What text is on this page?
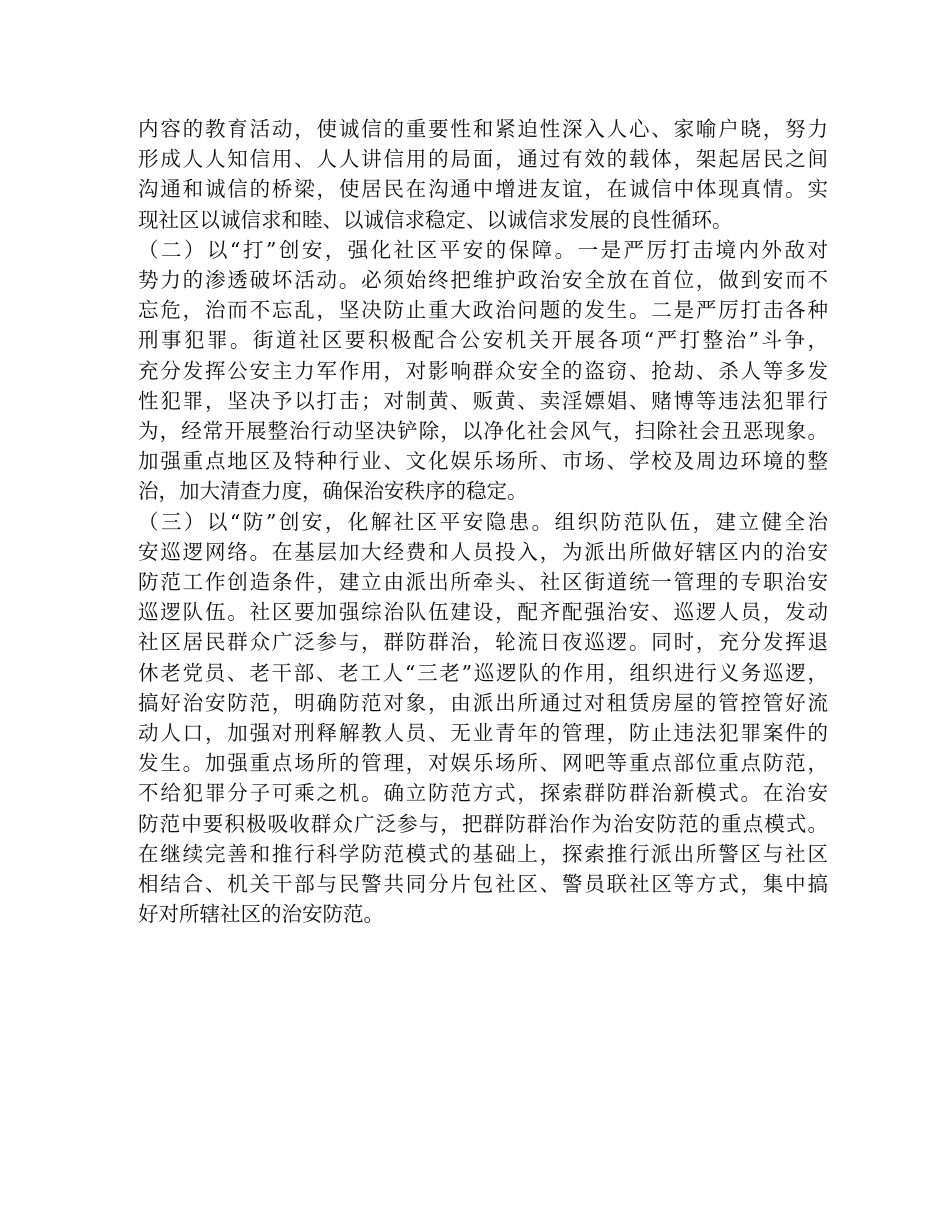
内容的教育活动，使诚信的重要性和紧迫性深入人心、家喻户晓，努力
形成人人知信用、人人讲信用的局面，通过有效的载体，架起居民之间
沟通和诚信的桥梁，使居民在沟通中增进友谊，在诚信中体现真情。实
现社区以诚信求和睦、以诚信求稳定、以诚信求发展的良性循环。
（二）以“打”创安，强化社区平安的保障。一是严厉打击境内外敌对
势力的渗透破坏活动。必须始终把维护政治安全放在首位，做到安而不
忘危，治而不忘乱，坚决防止重大政治问题的发生。二是严厉打击各种
刑事犯罪。街道社区要积极配合公安机关开展各项“严打整治”斗争，
充分发挥公安主力军作用，对影响群众安全的盗窃、抢劫、杀人等多发
性犯罪，坚决予以打击；对制黄、贩黄、卖淫嫖娼、赌博等违法犯罪行
为，经常开展整治行动坚决铲除，以净化社会风气，扫除社会丑恶现象。
加强重点地区及特种行业、文化娱乐场所、市场、学校及周边环境的整
治，加大清查力度，确保治安秩序的稳定。
（三）以“防”创安，化解社区平安隐患。组织防范队伍，建立健全治
安巡逻网络。在基层加大经费和人员投入，为派出所做好辖区内的治安
防范工作创造条件，建立由派出所牵头、社区街道统一管理的专职治安
巡逻队伍。社区要加强综治队伍建设，配齐配强治安、巡逻人员，发动
社区居民群众广泛参与，群防群治，轮流日夜巡逻。同时，充分发挥退
休老党员、老干部、老工人“三老”巡逻队的作用，组织进行义务巡逻，
搞好治安防范，明确防范对象，由派出所通过对租赁房屋的管控管好流
动人口，加强对刑释解教人员、无业青年的管理，防止违法犯罪案件的
发生。加强重点场所的管理，对娱乐场所、网吧等重点部位重点防范，
不给犯罪分子可乘之机。确立防范方式，探索群防群治新模式。在治安
防范中要积极吸收群众广泛参与，把群防群治作为治安防范的重点模式。
在继续完善和推行科学防范模式的基础上，探索推行派出所警区与社区
相结合、机关干部与民警共同分片包社区、警员联社区等方式，集中搞
好对所辖社区的治安防范。
